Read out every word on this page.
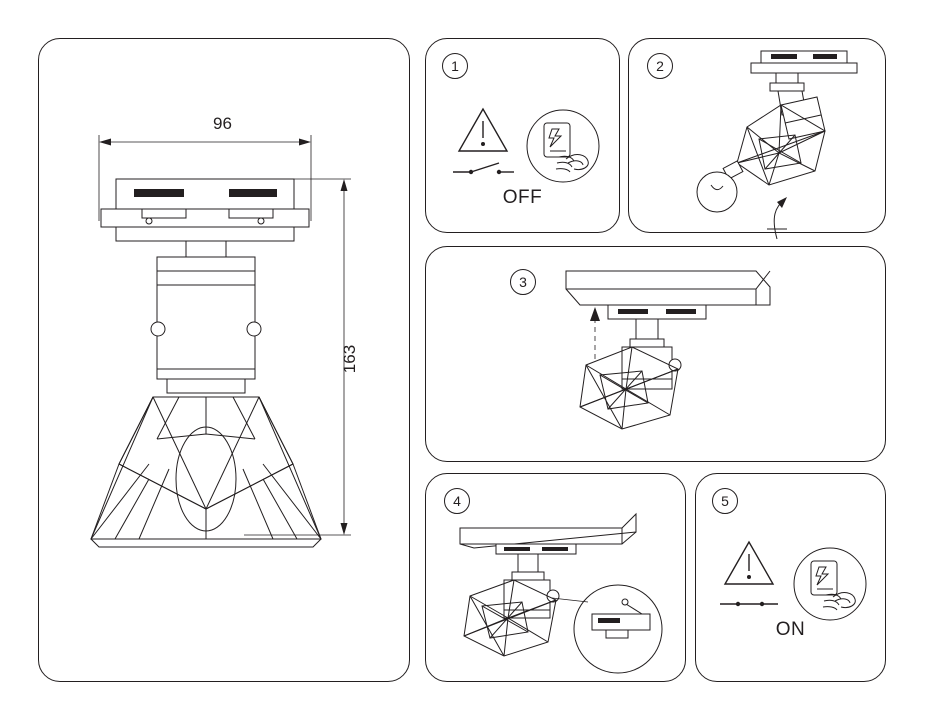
96
163
1
OFF
2
3
4	5
ON
